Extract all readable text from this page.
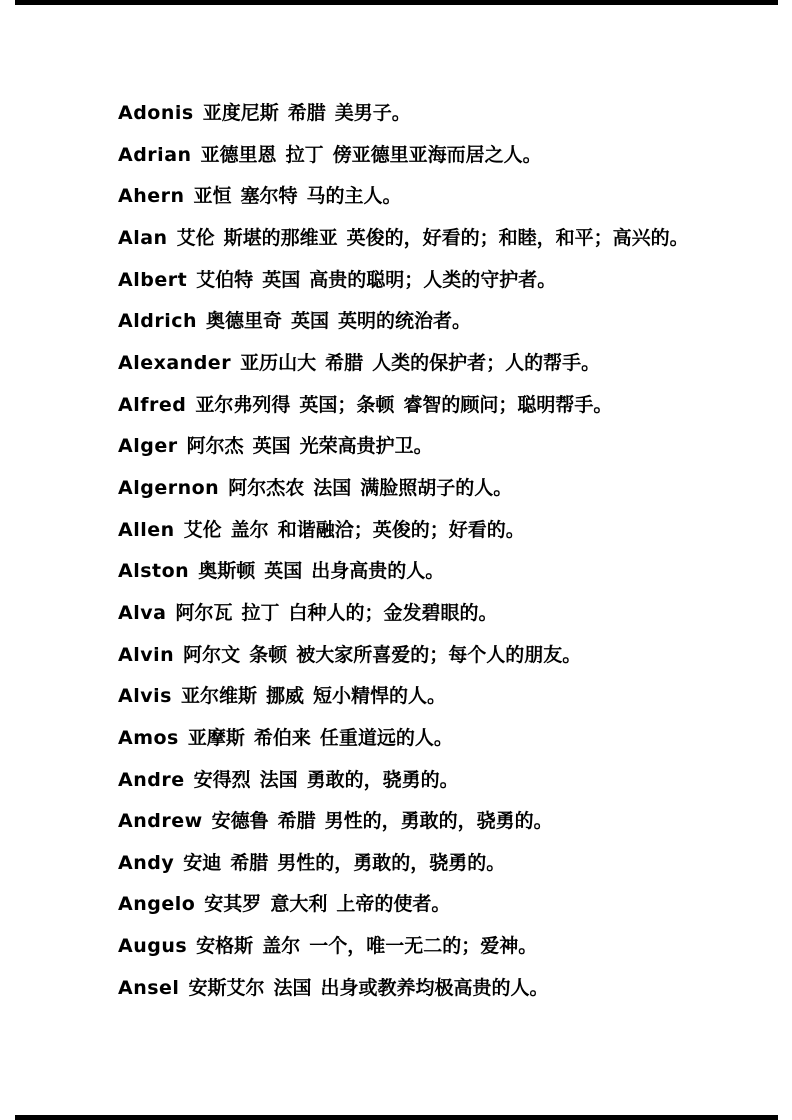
Adonis 亚度尼斯 希腊 美男子。

Adrian 亚德里恩 拉丁 傍亚德里亚海而居之人。

Ahern 亚恒 塞尔特 马的主人。

Alan 艾伦 斯堪的那维亚 英俊的，好看的；和睦，和平；高兴的。

Albert 艾伯特 英国 高贵的聪明；人类的守护者。

Aldrich 奥德里奇 英国 英明的统治者。

Alexander 亚历山大 希腊 人类的保护者；人的帮手。

Alfred 亚尔弗列得 英国；条顿 睿智的顾问；聪明帮手。

Alger 阿尔杰 英国 光荣高贵护卫。

Algernon 阿尔杰农 法国 满脸照胡子的人。

Allen 艾伦 盖尔 和谐融洽；英俊的；好看的。

Alston 奥斯顿 英国 出身高贵的人。

Alva 阿尔瓦 拉丁 白种人的；金发碧眼的。

Alvin 阿尔文 条顿 被大家所喜爱的；每个人的朋友。

Alvis 亚尔维斯 挪威 短小精悍的人。

Amos 亚摩斯 希伯来 任重道远的人。

Andre 安得烈 法国 勇敢的，骁勇的。

Andrew 安德鲁 希腊 男性的，勇敢的，骁勇的。

Andy 安迪 希腊 男性的，勇敢的，骁勇的。

Angelo 安其罗 意大利 上帝的使者。

Augus 安格斯 盖尔 一个，唯一无二的；爱神。

Ansel 安斯艾尔 法国 出身或教养均极高贵的人。
